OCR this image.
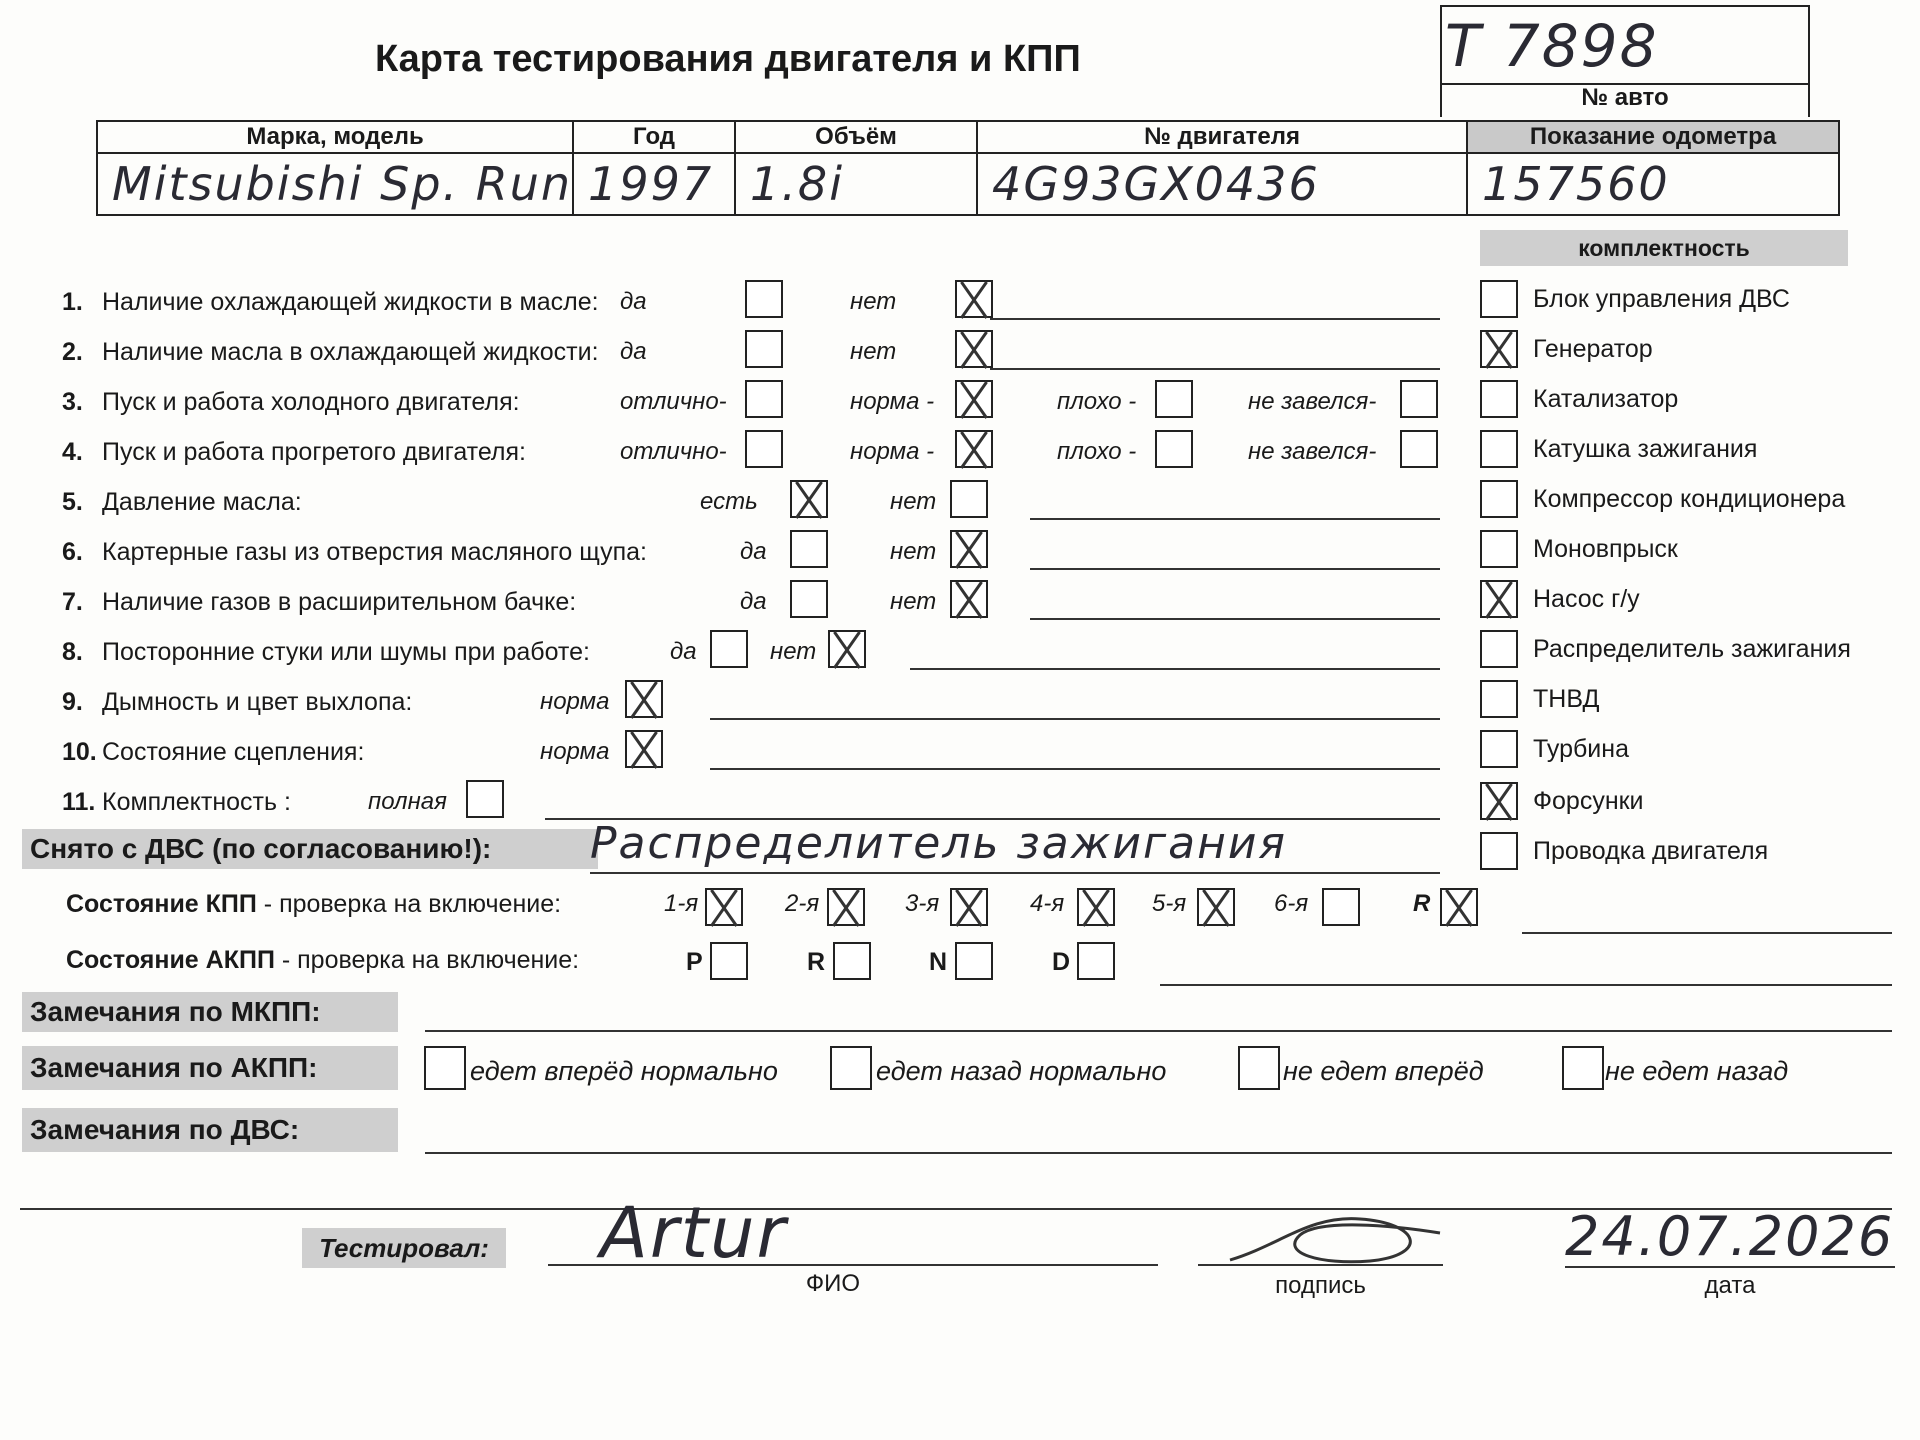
Карта тестирования двигателя и КПП	T 7898
№ авто
Марка, модель	Год	Объём	№ двигателя	Показание одометра
Mitsubishi Sp. Run	1997	1.8i	4G93GX0436	157560
комплектность
1. Наличие охлаждающей жидкости в масле: да	нет
2. Наличие масла в охлаждающей жидкости: да	нет
3. Пуск и работа холодного двигателя:	отлично-	норма -	плохо -	не завелся-
4. Пуск и работа прогретого двигателя:	отлично-	норма -	плохо -	не завелся-
5. Давление масла:	есть	нет
6. Картерные газы из отверстия масляного щупа:	да	нет
7. Наличие газов в расширительном бачке:	да	нет
8. Посторонние стуки или шумы при работе:	да	нет
9. Дымность и цвет выхлопа:	норма
10. Состояние сцепления:	норма
11. Комплектность :	полная
Блок управления ДВС
Генератор
Катализатор
Катушка зажигания
Компрессор кондиционера
Моновпрыск
Насос г/у
Распределитель зажигания
ТНВД
Турбина
Форсунки
Проводка двигателя
Снято с ДВС (по согласованию!):	Распределитель зажигания
Состояние КПП - проверка на включение:	1-я	2-я	3-я	4-я	5-я	6-я	R
Состояние АКПП - проверка на включение:	P	R	N	D
Замечания по МКПП:
Замечания по АКПП:	едет вперёд нормально	едет назад нормально	не едет вперёд	не едет назад
Замечания по ДВС:
Тестировал: Artur
ФИО	подпись
24.07.2026
дата
